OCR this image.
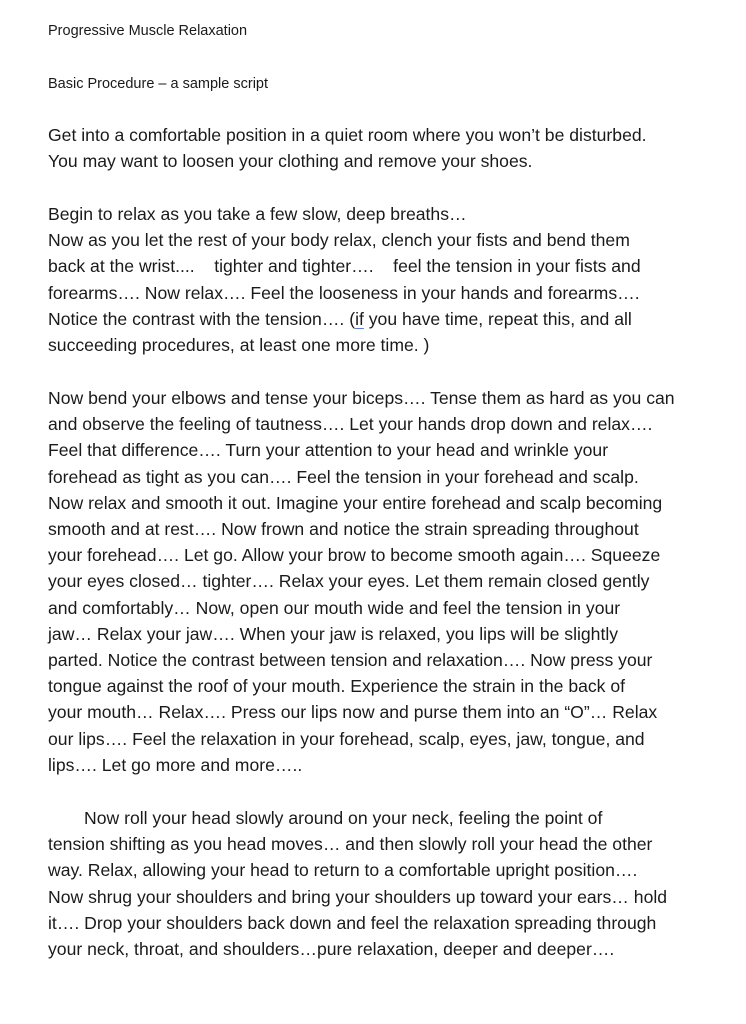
Progressive Muscle Relaxation
Basic Procedure – a sample script

Get into a comfortable position in a quiet room where you won’t be disturbed.
You may want to loosen your clothing and remove your shoes.

Begin to relax as you take a few slow, deep breaths…
Now as you let the rest of your body relax, clench your fists and bend them
back at the wrist....    tighter and tighter….    feel the tension in your fists and
forearms…. Now relax…. Feel the looseness in your hands and forearms….
Notice the contrast with the tension…. (if you have time, repeat this, and all
succeeding procedures, at least one more time. )

Now bend your elbows and tense your biceps…. Tense them as hard as you can
and observe the feeling of tautness…. Let your hands drop down and relax….
Feel that difference…. Turn your attention to your head and wrinkle your
forehead as tight as you can…. Feel the tension in your forehead and scalp.
Now relax and smooth it out. Imagine your entire forehead and scalp becoming
smooth and at rest…. Now frown and notice the strain spreading throughout
your forehead…. Let go. Allow your brow to become smooth again…. Squeeze
your eyes closed… tighter…. Relax your eyes. Let them remain closed gently
and comfortably… Now, open our mouth wide and feel the tension in your
jaw… Relax your jaw…. When your jaw is relaxed, you lips will be slightly
parted. Notice the contrast between tension and relaxation…. Now press your
tongue against the roof of your mouth. Experience the strain in the back of
your mouth… Relax…. Press our lips now and purse them into an “O”… Relax
our lips…. Feel the relaxation in your forehead, scalp, eyes, jaw, tongue, and
lips…. Let go more and more…..

Now roll your head slowly around on your neck, feeling the point of
tension shifting as you head moves… and then slowly roll your head the other
way. Relax, allowing your head to return to a comfortable upright position….
Now shrug your shoulders and bring your shoulders up toward your ears… hold
it…. Drop your shoulders back down and feel the relaxation spreading through
your neck, throat, and shoulders…pure relaxation, deeper and deeper….
